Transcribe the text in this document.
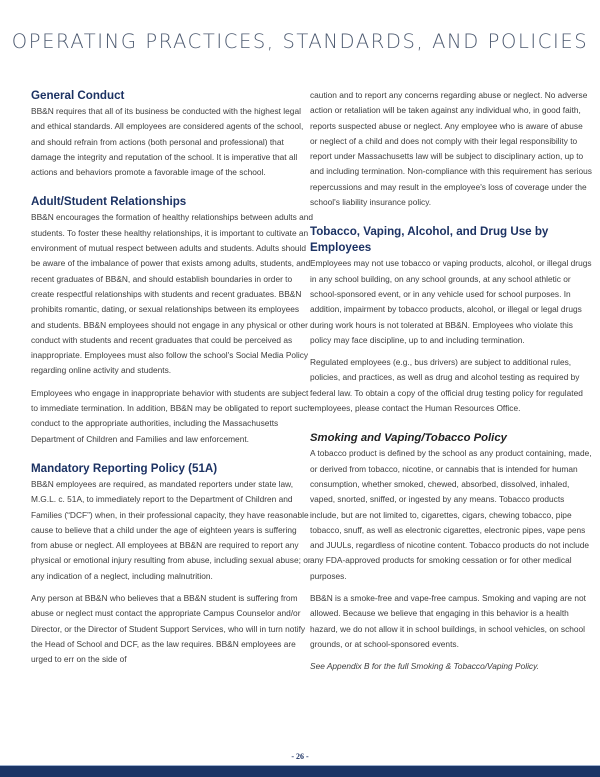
OPERATING PRACTICES, STANDARDS, AND POLICIES
General Conduct

BB&N requires that all of its business be conducted with the highest legal and ethical standards. All employees are considered agents of the school, and should refrain from actions (both personal and professional) that damage the integrity and reputation of the school. It is imperative that all actions and behaviors promote a favorable image of the school.

Adult/Student Relationships

BB&N encourages the formation of healthy relationships between adults and students. To foster these healthy relationships, it is important to cultivate an environment of mutual respect between adults and students. Adults should be aware of the imbalance of power that exists among adults, students, and recent graduates of BB&N, and should establish boundaries in order to create respectful relationships with students and recent graduates. BB&N prohibits romantic, dating, or sexual relationships between its employees and students. BB&N employees should not engage in any physical or other conduct with students and recent graduates that could be perceived as inappropriate. Employees must also follow the school's Social Media Policy regarding online activity and students.

Employees who engage in inappropriate behavior with students are subject to immediate termination. In addition, BB&N may be obligated to report such conduct to the appropriate authorities, including the Massachusetts Department of Children and Families and law enforcement.

Mandatory Reporting Policy (51A)

BB&N employees are required, as mandated reporters under state law, M.G.L. c. 51A, to immediately report to the Department of Children and Families (“DCF”) when, in their professional capacity, they have reasonable cause to believe that a child under the age of eighteen years is suffering from abuse or neglect. All employees at BB&N are required to report any physical or emotional injury resulting from abuse, including sexual abuse; or any indication of a neglect, including malnutrition.

Any person at BB&N who believes that a BB&N student is suffering from abuse or neglect must contact the appropriate Campus Counselor and/or Director, or the Director of Student Support Services, who will in turn notify the Head of School and DCF, as the law requires. BB&N employees are urged to err on the side of

caution and to report any concerns regarding abuse or neglect. No adverse action or retaliation will be taken against any individual who, in good faith, reports suspected abuse or neglect. Any employee who is aware of abuse or neglect of a child and does not comply with their legal responsibility to report under Massachusetts law will be subject to disciplinary action, up to and including termination. Non-compliance with this requirement has serious repercussions and may result in the employee's loss of coverage under the school's liability insurance policy.

Tobacco, Vaping, Alcohol, and Drug Use by Employees

Employees may not use tobacco or vaping products, alcohol, or illegal drugs in any school building, on any school grounds, at any school athletic or school-sponsored event, or in any vehicle used for school purposes. In addition, impairment by tobacco products, alcohol, or illegal or legal drugs during work hours is not tolerated at BB&N. Employees who violate this policy may face discipline, up to and including termination.

Regulated employees (e.g., bus drivers) are subject to additional rules, policies, and practices, as well as drug and alcohol testing as required by federal law. To obtain a copy of the official drug testing policy for regulated employees, please contact the Human Resources Office.

Smoking and Vaping/Tobacco Policy

A tobacco product is defined by the school as any product containing, made, or derived from tobacco, nicotine, or cannabis that is intended for human consumption, whether smoked, chewed, absorbed, dissolved, inhaled, vaped, snorted, sniffed, or ingested by any means. Tobacco products include, but are not limited to, cigarettes, cigars, chewing tobacco, pipe tobacco, snuff, as well as electronic cigarettes, electronic pipes, vape pens and JUULs, regardless of nicotine content. Tobacco products do not include any FDA-approved products for smoking cessation or for other medical purposes.

BB&N is a smoke-free and vape-free campus. Smoking and vaping are not allowed. Because we believe that engaging in this behavior is a health hazard, we do not allow it in school buildings, in school vehicles, on school grounds, or at school-sponsored events.

See Appendix B for the full Smoking & Tobacco/Vaping Policy.

- 26 -
